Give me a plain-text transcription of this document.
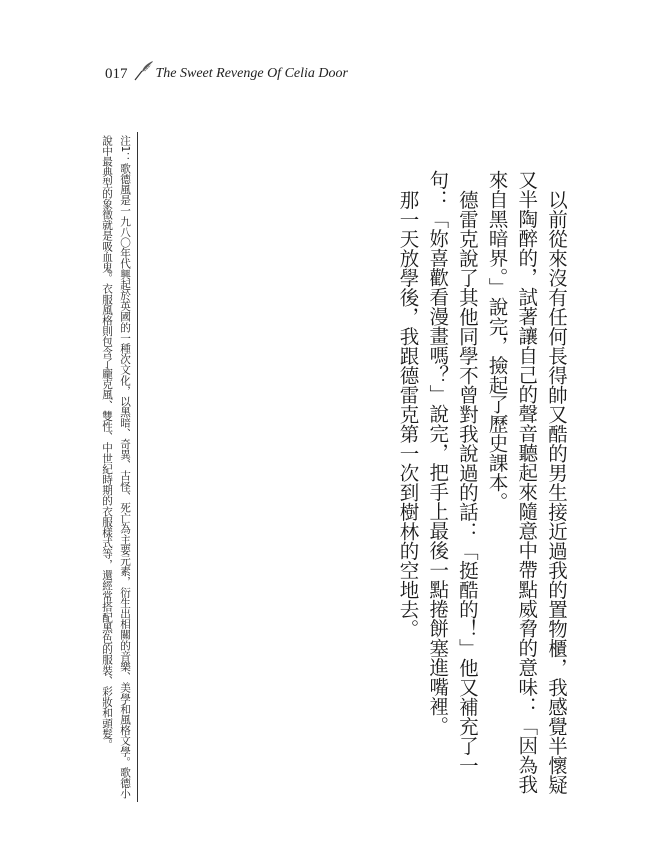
017 The Sweet Revenge Of Celia Door

以前從來沒有任何長得帥又酷的男生接近過我的置物櫃，我感覺半懷疑又半陶醉的，試著讓自己的聲音聽起來隨意中帶點威脅的意味：「因為我來自黑暗界。」說完，撿起了歷史課本。

德雷克說了其他同學不曾對我說過的話：「挺酷的！」他又補充了一句：「妳喜歡看漫畫嗎？」說完，把手上最後一點捲餅塞進嘴裡。

那一天放學後，我跟德雷克第一次到樹林的空地去。

注1：歌德風是一九八〇年代興起於英國的一種次文化，以黑暗、奇異、古怪、死亡為主要元素，衍生出相關的音樂、美學和風格文學。歌德小說中最典型的象徵就是吸血鬼。衣服風格則包含了龐克風、雙性、中世紀時期的衣服樣式等，還經常搭配黑色的服裝、彩妝和頭髮。
